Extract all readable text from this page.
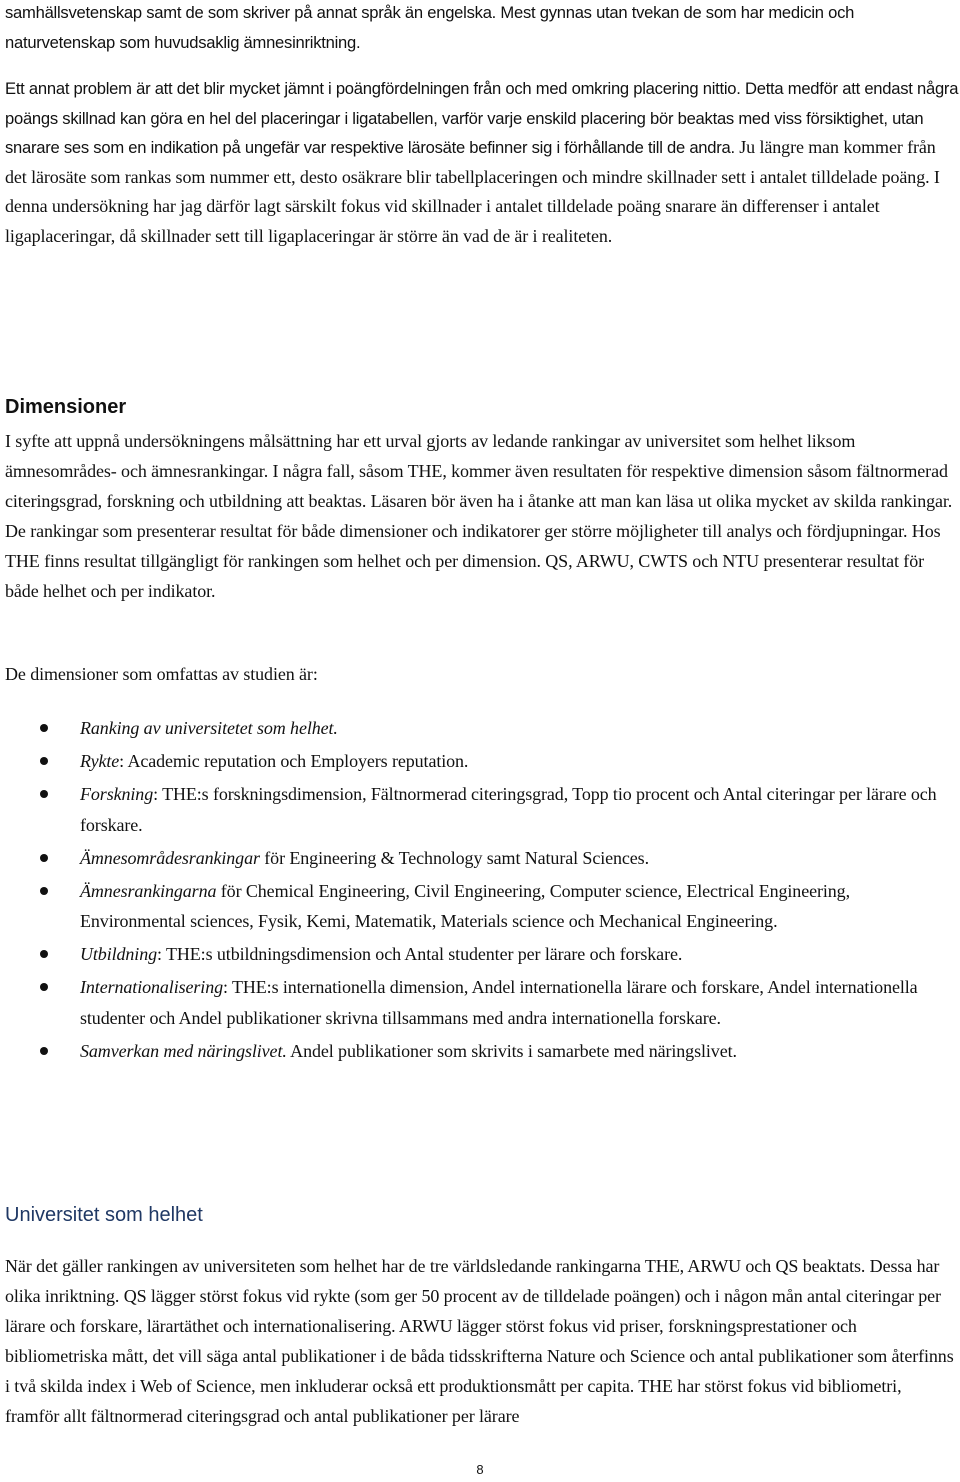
samhällsvetenskap samt de som skriver på annat språk än engelska. Mest gynnas utan tvekan de som har medicin och naturvetenskap som huvudsaklig ämnesinriktning.

Ett annat problem är att det blir mycket jämnt i poängfördelningen från och med omkring placering nittio. Detta medför att endast några poängs skillnad kan göra en hel del placeringar i ligatabellen, varför varje enskild placering bör beaktas med viss försiktighet, utan snarare ses som en indikation på ungefär var respektive lärosäte befinner sig i förhållande till de andra. Ju längre man kommer från det lärosäte som rankas som nummer ett, desto osäkrare blir tabellplaceringen och mindre skillnader sett i antalet tilldelade poäng. I denna undersökning har jag därför lagt särskilt fokus vid skillnader i antalet tilldelade poäng snarare än differenser i antalet ligaplaceringar, då skillnader sett till ligaplaceringar är större än vad de är i realiteten.

Dimensioner

I syfte att uppnå undersökningens målsättning har ett urval gjorts av ledande rankingar av universitet som helhet liksom ämnesområdes- och ämnesrankingar. I några fall, såsom THE, kommer även resultaten för respektive dimension såsom fältnormerad citeringsgrad, forskning och utbildning att beaktas. Läsaren bör även ha i åtanke att man kan läsa ut olika mycket av skilda rankingar. De rankingar som presenterar resultat för både dimensioner och indikatorer ger större möjligheter till analys och fördjupningar. Hos THE finns resultat tillgängligt för rankingen som helhet och per dimension. QS, ARWU, CWTS och NTU presenterar resultat för både helhet och per indikator.

De dimensioner som omfattas av studien är:

Ranking av universitetet som helhet.
Rykte: Academic reputation och Employers reputation.
Forskning: THE:s forskningsdimension, Fältnormerad citeringsgrad, Topp tio procent och Antal citeringar per lärare och forskare.
Ämnesområdesrankingar för Engineering & Technology samt Natural Sciences.
Ämnesrankingarna för Chemical Engineering, Civil Engineering, Computer science, Electrical Engineering, Environmental sciences, Fysik, Kemi, Matematik, Materials science och Mechanical Engineering.
Utbildning: THE:s utbildningsdimension och Antal studenter per lärare och forskare.
Internationalisering: THE:s internationella dimension, Andel internationella lärare och forskare, Andel internationella studenter och Andel publikationer skrivna tillsammans med andra internationella forskare.
Samverkan med näringslivet. Andel publikationer som skrivits i samarbete med näringslivet.
Universitet som helhet

När det gäller rankingen av universiteten som helhet har de tre världsledande rankingarna THE, ARWU och QS beaktats. Dessa har olika inriktning. QS lägger störst fokus vid rykte (som ger 50 procent av de tilldelade poängen) och i någon mån antal citeringar per lärare och forskare, lärartäthet och internationalisering. ARWU lägger störst fokus vid priser, forskningsprestationer och bibliometriska mått, det vill säga antal publikationer i de båda tidsskrifterna Nature och Science och antal publikationer som återfinns i två skilda index i Web of Science, men inkluderar också ett produktionsmått per capita. THE har störst fokus vid bibliometri, framför allt fältnormerad citeringsgrad och antal publikationer per lärare

8
